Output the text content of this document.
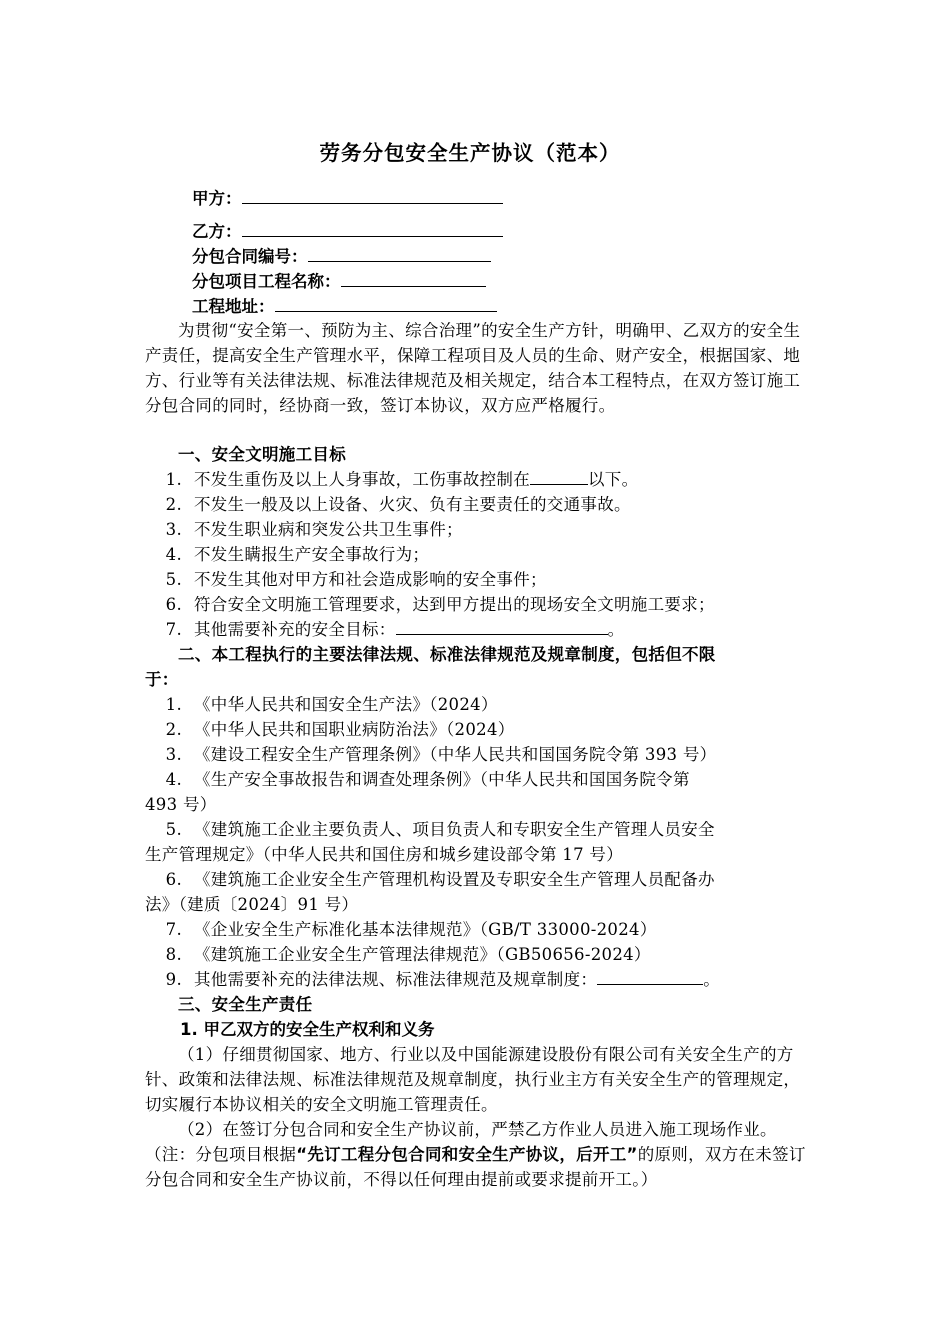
劳务分包安全生产协议（范本）
甲方：
乙方：
分包合同编号：
分包项目工程名称：
工程地址：
为贯彻“安全第一、预防为主、综合治理”的安全生产方针，明确甲、乙双方的安全生产责任，提高安全生产管理水平，保障工程项目及人员的生命、财产安全，根据国家、地方、行业等有关法律法规、标准法律规范及相关规定，结合本工程特点，在双方签订施工分包合同的同时，经协商一致，签订本协议，双方应严格履行。
一、安全文明施工目标
1. 不发生重伤及以上人身事故，工伤事故控制在	以下。
2. 不发生一般及以上设备、火灾、负有主要责任的交通事故。
3. 不发生职业病和突发公共卫生事件；
4. 不发生瞒报生产安全事故行为；
5. 不发生其他对甲方和社会造成影响的安全事件；
6. 符合安全文明施工管理要求，达到甲方提出的现场安全文明施工要求；
7. 其他需要补充的安全目标：	。
二、本工程执行的主要法律法规、标准法律规范及规章制度，包括但不限
于：
1. 《中华人民共和国安全生产法》（2024）
2. 《中华人民共和国职业病防治法》（2024）
3. 《建设工程安全生产管理条例》（中华人民共和国国务院令第 393 号）
4. 《生产安全事故报告和调查处理条例》（中华人民共和国国务院令第
493 号）
5. 《建筑施工企业主要负责人、项目负责人和专职安全生产管理人员安全
生产管理规定》（中华人民共和国住房和城乡建设部令第 17 号）
6. 《建筑施工企业安全生产管理机构设置及专职安全生产管理人员配备办
法》（建质〔2024〕91 号）
7. 《企业安全生产标准化基本法律规范》（GB/T 33000-2024）
8. 《建筑施工企业安全生产管理法律规范》（GB50656-2024）
9. 其他需要补充的法律法规、标准法律规范及规章制度：	。
三、安全生产责任
1. 甲乙双方的安全生产权利和义务
（1）仔细贯彻国家、地方、行业以及中国能源建设股份有限公司有关安全生产的方针、政策和法律法规、标准法律规范及规章制度，执行业主方有关安全生产的管理规定，切实履行本协议相关的安全文明施工管理责任。
（2）在签订分包合同和安全生产协议前，严禁乙方作业人员进入施工现场作业。（注：分包项目根据“先订工程分包合同和安全生产协议，后开工”的原则，双方在未签订分包合同和安全生产协议前，不得以任何理由提前或要求提前开工。）
